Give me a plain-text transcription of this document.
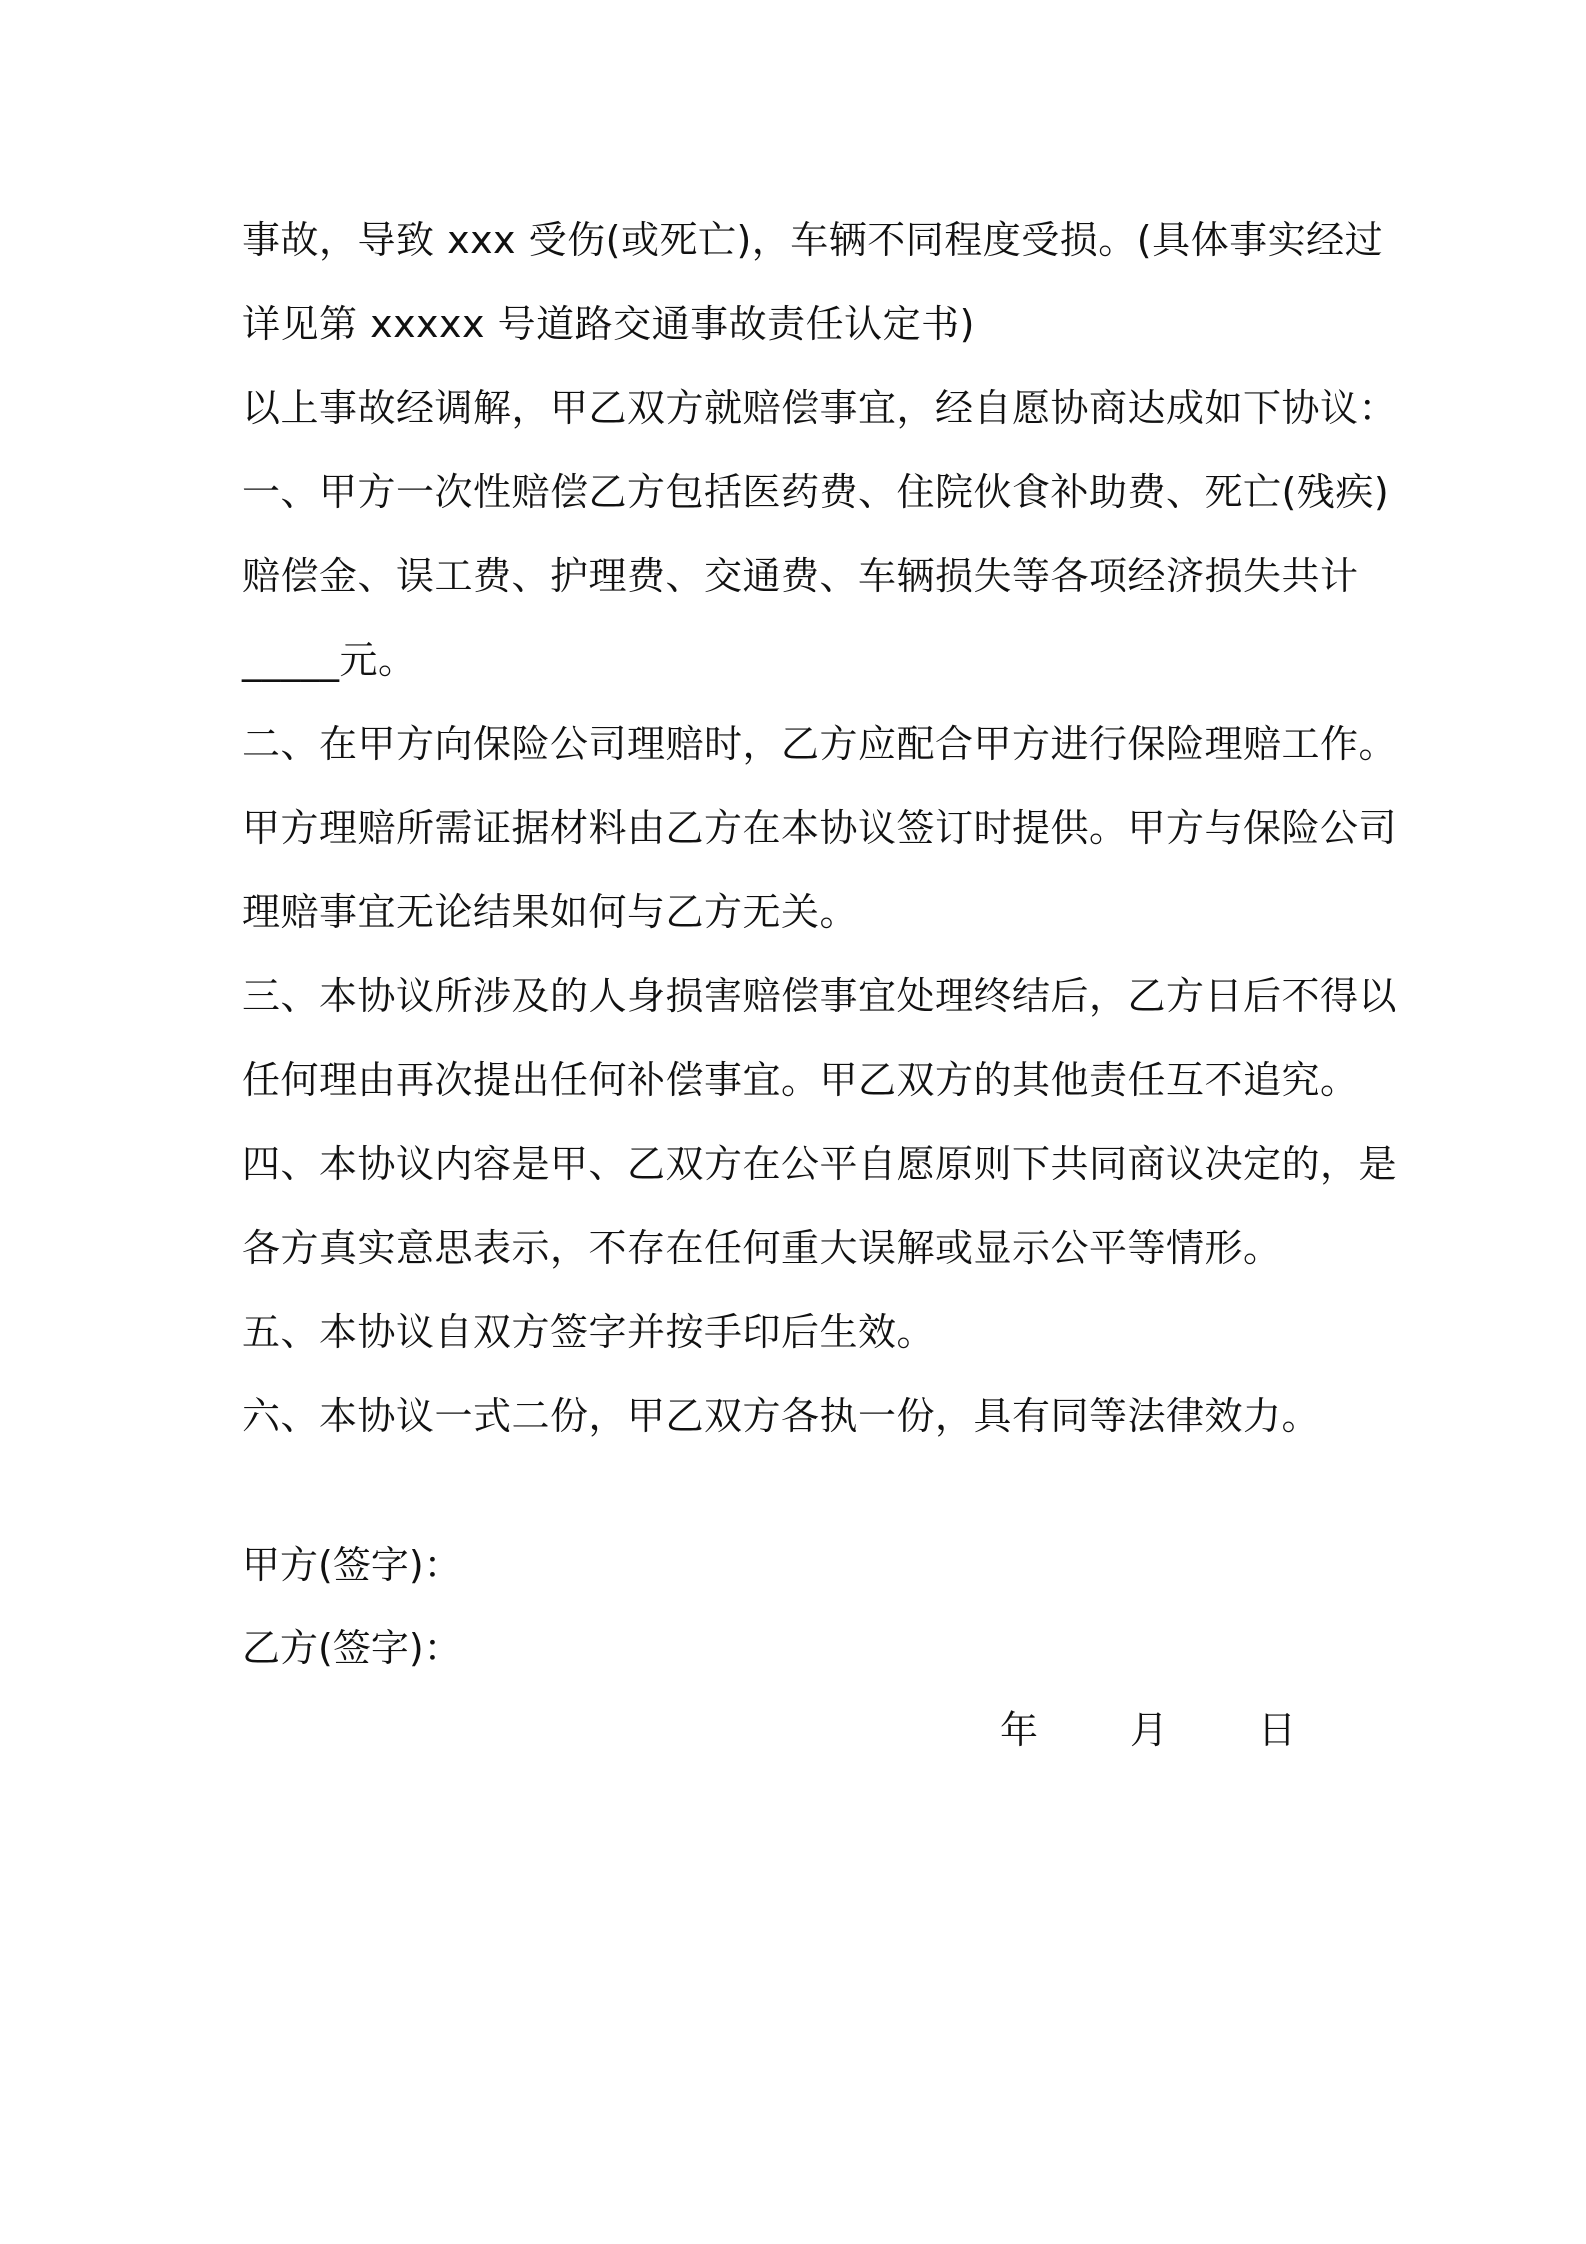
事故，导致 xxx 受伤(或死亡)，车辆不同程度受损。(具体事实经过
详见第 xxxxx 号道路交通事故责任认定书)
以上事故经调解，甲乙双方就赔偿事宜，经自愿协商达成如下协议：
一、甲方一次性赔偿乙方包括医药费、住院伙食补助费、死亡(残疾)
赔偿金、误工费、护理费、交通费、车辆损失等各项经济损失共计
_____元。
二、在甲方向保险公司理赔时，乙方应配合甲方进行保险理赔工作。
甲方理赔所需证据材料由乙方在本协议签订时提供。甲方与保险公司
理赔事宜无论结果如何与乙方无关。
三、本协议所涉及的人身损害赔偿事宜处理终结后，乙方日后不得以
任何理由再次提出任何补偿事宜。甲乙双方的其他责任互不追究。
四、本协议内容是甲、乙双方在公平自愿原则下共同商议决定的，是
各方真实意思表示，不存在任何重大误解或显示公平等情形。
五、本协议自双方签字并按手印后生效。
六、本协议一式二份，甲乙双方各执一份，具有同等法律效力。
甲方(签字)：
乙方(签字)：
年 月 日
